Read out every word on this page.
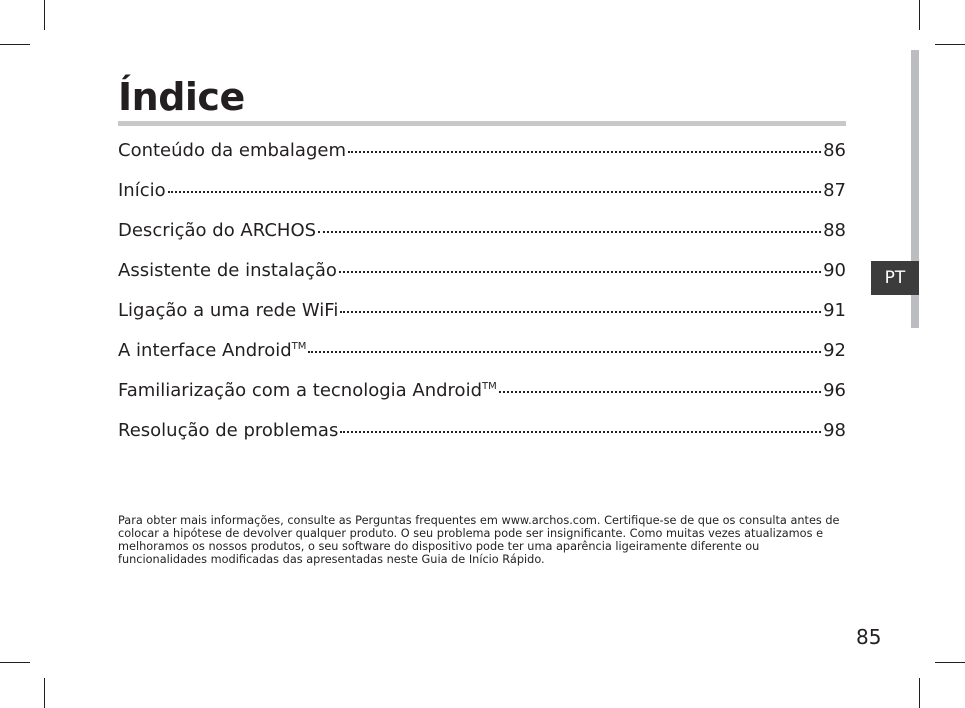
PT
Índice
Conteúdo da embalagem	86
Início	87
Descrição do ARCHOS	88
Assistente de instalação	90
Ligação a uma rede WiFi	91
A interface Android™	92
Familiarização com a tecnologia Android™	96
Resolução de problemas	98

Para obter mais informações, consulte as Perguntas frequentes em www.archos.com. Certifique-se de que os consulta antes de colocar a hipótese de devolver qualquer produto. O seu problema pode ser insignificante. Como muitas vezes atualizamos e melhoramos os nossos produtos, o seu software do dispositivo pode ter uma aparência ligeiramente diferente ou funcionalidades modificadas das apresentadas neste Guia de Início Rápido.

85
